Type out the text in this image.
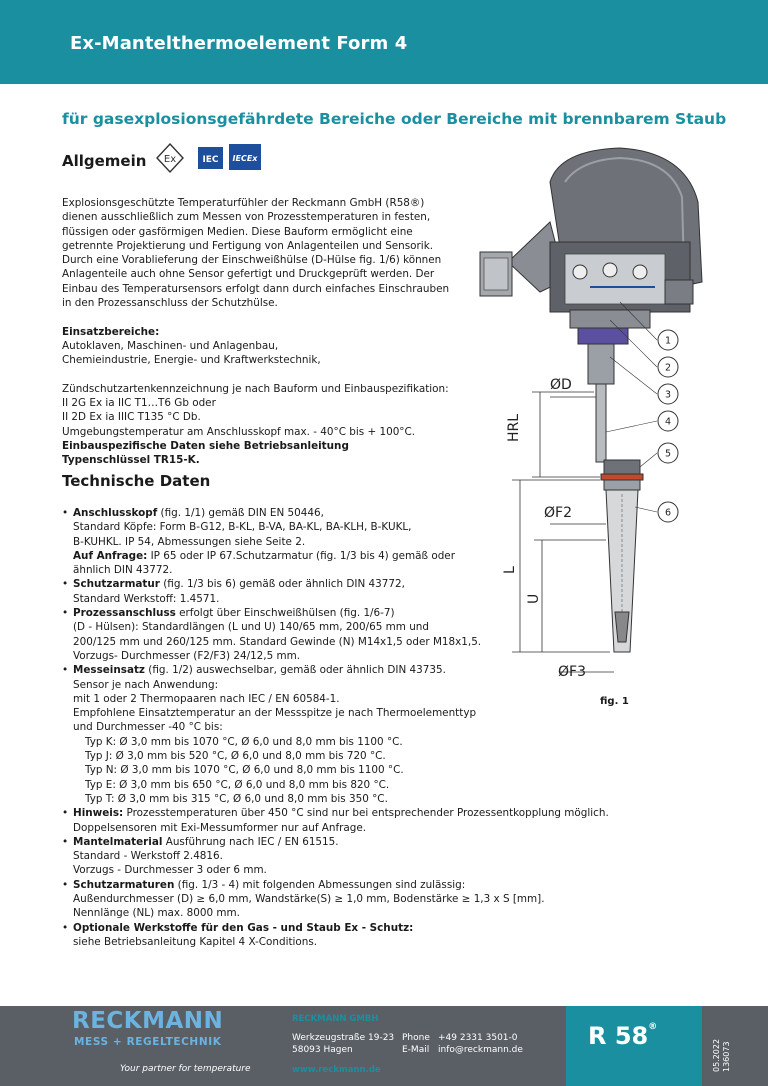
Ex-Mantelthermoelement Form 4
für gasexplosionsgefährdete Bereiche oder Bereiche mit brennbarem Staub
Allgemein Ex	IEC IECEx

Explosionsgeschützte Temperaturfühler der Reckmann GmbH (R58®) dienen ausschließlich zum Messen von Prozesstemperaturen in festen, flüssigen oder gasförmigen Medien. Diese Bauform ermöglicht eine getrennte Projektierung und Fertigung von Anlagenteilen und Sensorik. Durch eine Vorablieferung der Einschweißhülse (D-Hülse fig. 1/6) können Anlagenteile auch ohne Sensor gefertigt und Druckgeprüft werden. Der Einbau des Temperatursensors erfolgt dann durch einfaches Einschrauben in den Prozessanschluss der Schutzhülse.

Einsatzbereiche:
Autoklaven, Maschinen- und Anlagenbau,
Chemieindustrie, Energie- und Kraftwerkstechnik,
Zündschutzartenkennzeichnung je nach Bauform und Einbauspezifikation:
II 2G Ex ia IIC T1…T6 Gb oder
II 2D Ex ia IIIC T135 °C Db.
Umgebungstemperatur am Anschlusskopf max. - 40°C bis + 100°C.
Einbauspezifische Daten siehe Betriebsanleitung
Typenschlüssel TR15-K.
Technische Daten
• Anschlusskopf (fig. 1/1) gemäß DIN EN 50446,
Standard Köpfe: Form B-G12, B-KL, B-VA, BA-KL, BA-KLH, B-KUKL,
B-KUHKL. IP 54, Abmessungen siehe Seite 2.
Auf Anfrage: IP 65 oder IP 67.Schutzarmatur (fig. 1/3 bis 4) gemäß oder
ähnlich DIN 43772.
• Schutzarmatur (fig. 1/3 bis 6) gemäß oder ähnlich DIN 43772,
Standard Werkstoff: 1.4571.
• Prozessanschluss erfolgt über Einschweißhülsen (fig. 1/6-7)
(D - Hülsen): Standardlängen (L und U) 140/65 mm, 200/65 mm und
200/125 mm und 260/125 mm. Standard Gewinde (N) M14x1,5 oder M18x1,5.
Vorzugs- Durchmesser (F2/F3) 24/12,5 mm.
• Messeinsatz (fig. 1/2) auswechselbar, gemäß oder ähnlich DIN 43735.
Sensor je nach Anwendung:
mit 1 oder 2 Thermopaaren nach IEC / EN 60584-1.
Empfohlene Einsatztemperatur an der Messspitze je nach Thermoelementtyp
und Durchmesser -40 °C bis:
Typ K: Ø 3,0 mm bis 1070 °C, Ø 6,0 und 8,0 mm bis 1100 °C.
Typ J: Ø 3,0 mm bis 520 °C, Ø 6,0 und 8,0 mm bis 720 °C.
Typ N: Ø 3,0 mm bis 1070 °C, Ø 6,0 und 8,0 mm bis 1100 °C.
Typ E: Ø 3,0 mm bis 650 °C, Ø 6,0 und 8,0 mm bis 820 °C.
Typ T: Ø 3,0 mm bis 315 °C, Ø 6,0 und 8,0 mm bis 350 °C.
• Hinweis: Prozesstemperaturen über 450 °C sind nur bei entsprechender Prozessentkopplung möglich.
Doppelsensoren mit Exi-Messumformer nur auf Anfrage.
• Mantelmaterial Ausführung nach IEC / EN 61515.
Standard - Werkstoff 2.4816.
Vorzugs - Durchmesser 3 oder 6 mm.
• Schutzarmaturen (fig. 1/3 - 4) mit folgenden Abmessungen sind zulässig:
Außendurchmesser (D) ≥ 6,0 mm, Wandstärke(S) ≥ 1,0 mm, Bodenstärke ≥ 1,3 x S [mm].
Nennlänge (NL) max. 8000 mm.
• Optionale Werkstoffe für den Gas - und Staub Ex - Schutz:
siehe Betriebsanleitung Kapitel 4 X-Conditions.
ØD
HRL
ØF2
L
U
ØF3
1
2
3
4
5
6
fig. 1
RECKMANN
MESS + REGELTECHNIK
Your partner for temperature
RECKMANN GMBH
Werkzeugstraße 19-23
58093 Hagen
Phone
E-Mail
+49 2331 3501-0
info@reckmann.de
www.reckmann.de
R 58®
05.2022 136073
